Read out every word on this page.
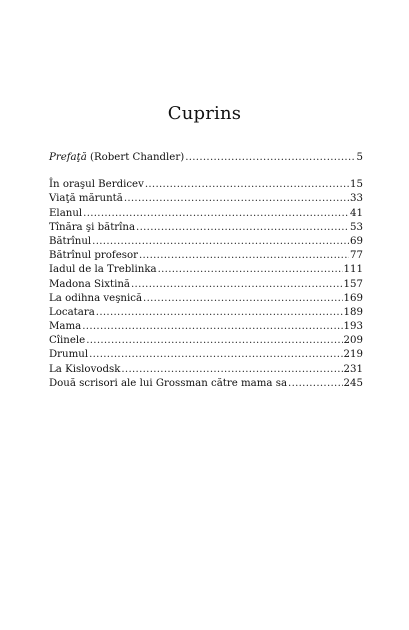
Cuprins
Prefaţă (Robert Chandler) .....	5
În oraşul Berdicev .....	15
Viaţă măruntă .....	33
Elanul .....	41
Tînăra şi bătrîna .....	53
Bătrînul .....	69
Bătrînul profesor .....	77
Iadul de la Treblinka .....	111
Madona Sixtină .....	157
La odihna veşnică .....	169
Locatara .....	189
Mama .....	193
Cîinele .....	209
Drumul .....	219
La Kislovodsk .....	231
Două scrisori ale lui Grossman către mama sa .....	245
